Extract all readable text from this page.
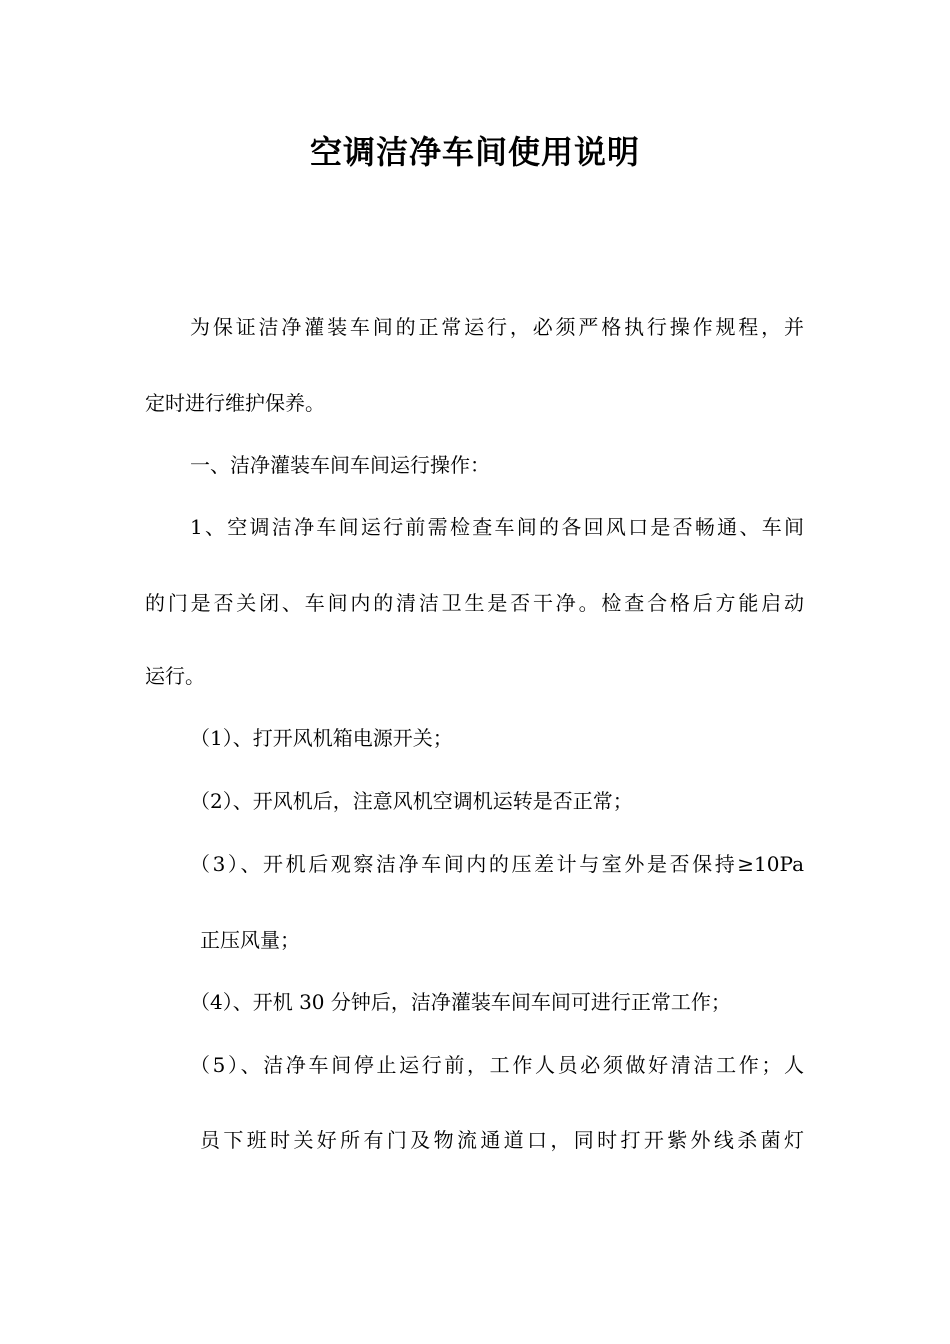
空调洁净车间使用说明

为保证洁净灌装车间的正常运行，必须严格执行操作规程，并

定时进行维护保养。

一、洁净灌装车间车间运行操作：

1、空调洁净车间运行前需检查车间的各回风口是否畅通、车间

的门是否关闭、车间内的清洁卫生是否干净。检查合格后方能启动

运行。

（1）、打开风机箱电源开关；

（2）、开风机后，注意风机空调机运转是否正常；

（3）、开机后观察洁净车间内的压差计与室外是否保持≥10Pa

正压风量；

（4）、开机 30 分钟后，洁净灌装车间车间可进行正常工作；

（5）、洁净车间停止运行前，工作人员必须做好清洁工作；人

员下班时关好所有门及物流通道口，同时打开紫外线杀菌灯
